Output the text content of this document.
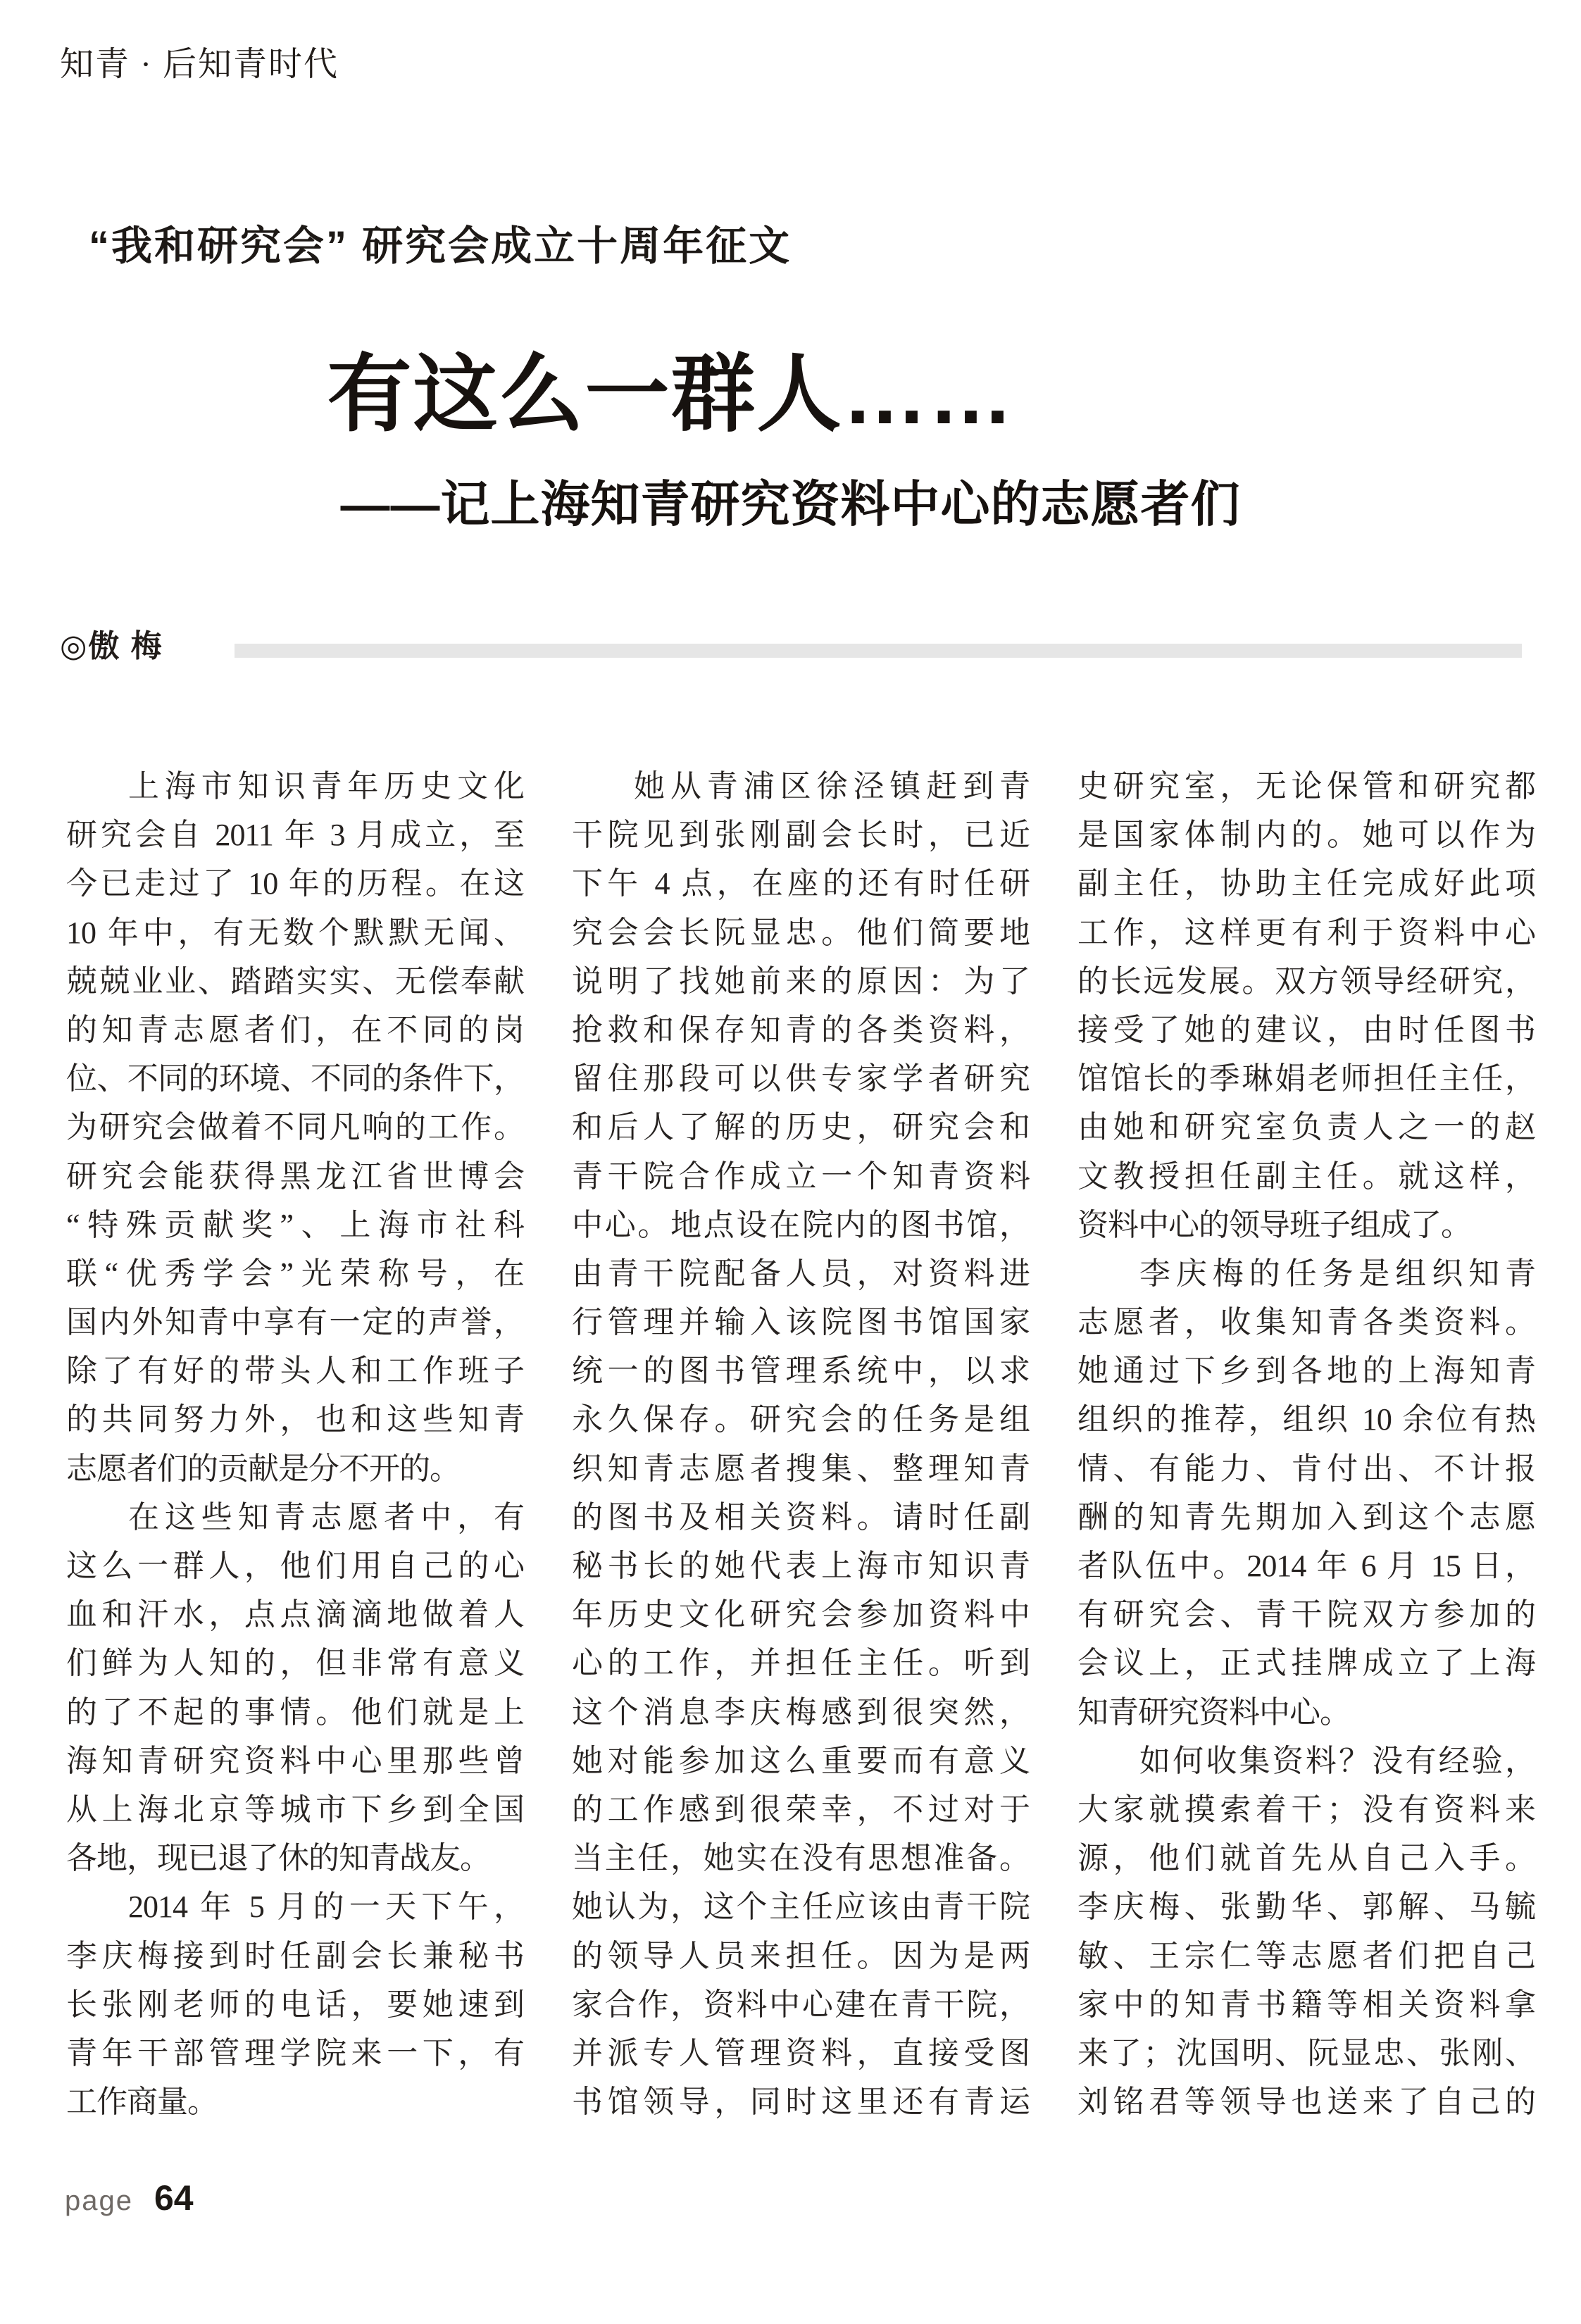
知青 · 后知青时代
“我和研究会” 研究会成立十周年征文
有这么一群人……
——记上海知青研究资料中心的志愿者们
◎傲 梅
上海市知识青年历史文化
研究会自 2011 年 3 月成立，至
今已走过了 10 年的历程。在这
10 年中，有无数个默默无闻、
兢兢业业、踏踏实实、无偿奉献
的知青志愿者们，在不同的岗
位、不同的环境、不同的条件下，
为研究会做着不同凡响的工作。
研究会能获得黑龙江省世博会
“特殊贡献奖”、上海市社科
联“优秀学会”光荣称号，在
国内外知青中享有一定的声誉，
除了有好的带头人和工作班子
的共同努力外，也和这些知青
志愿者们的贡献是分不开的。
在这些知青志愿者中，有
这么一群人，他们用自己的心
血和汗水，点点滴滴地做着人
们鲜为人知的，但非常有意义
的了不起的事情。他们就是上
海知青研究资料中心里那些曾
从上海北京等城市下乡到全国
各地，现已退了休的知青战友。
2014 年 5 月的一天下午，
李庆梅接到时任副会长兼秘书
长张刚老师的电话，要她速到
青年干部管理学院来一下，有
工作商量。
她从青浦区徐泾镇赶到青
干院见到张刚副会长时，已近
下午 4 点，在座的还有时任研
究会会长阮显忠。他们简要地
说明了找她前来的原因：为了
抢救和保存知青的各类资料，
留住那段可以供专家学者研究
和后人了解的历史，研究会和
青干院合作成立一个知青资料
中心。地点设在院内的图书馆，
由青干院配备人员，对资料进
行管理并输入该院图书馆国家
统一的图书管理系统中，以求
永久保存。研究会的任务是组
织知青志愿者搜集、整理知青
的图书及相关资料。请时任副
秘书长的她代表上海市知识青
年历史文化研究会参加资料中
心的工作，并担任主任。听到
这个消息李庆梅感到很突然，
她对能参加这么重要而有意义
的工作感到很荣幸，不过对于
当主任，她实在没有思想准备。
她认为，这个主任应该由青干院
的领导人员来担任。因为是两
家合作，资料中心建在青干院，
并派专人管理资料，直接受图
书馆领导，同时这里还有青运
史研究室，无论保管和研究都
是国家体制内的。她可以作为
副主任，协助主任完成好此项
工作，这样更有利于资料中心
的长远发展。双方领导经研究，
接受了她的建议，由时任图书
馆馆长的季琳娟老师担任主任，
由她和研究室负责人之一的赵
文教授担任副主任。就这样，
资料中心的领导班子组成了。
李庆梅的任务是组织知青
志愿者，收集知青各类资料。
她通过下乡到各地的上海知青
组织的推荐，组织 10 余位有热
情、有能力、肯付出、不计报
酬的知青先期加入到这个志愿
者队伍中。2014 年 6 月 15 日，
有研究会、青干院双方参加的
会议上，正式挂牌成立了上海
知青研究资料中心。
如何收集资料？没有经验，
大家就摸索着干；没有资料来
源，他们就首先从自己入手。
李庆梅、张勤华、郭解、马毓
敏、王宗仁等志愿者们把自己
家中的知青书籍等相关资料拿
来了；沈国明、阮显忠、张刚、
刘铭君等领导也送来了自己的
page 64
